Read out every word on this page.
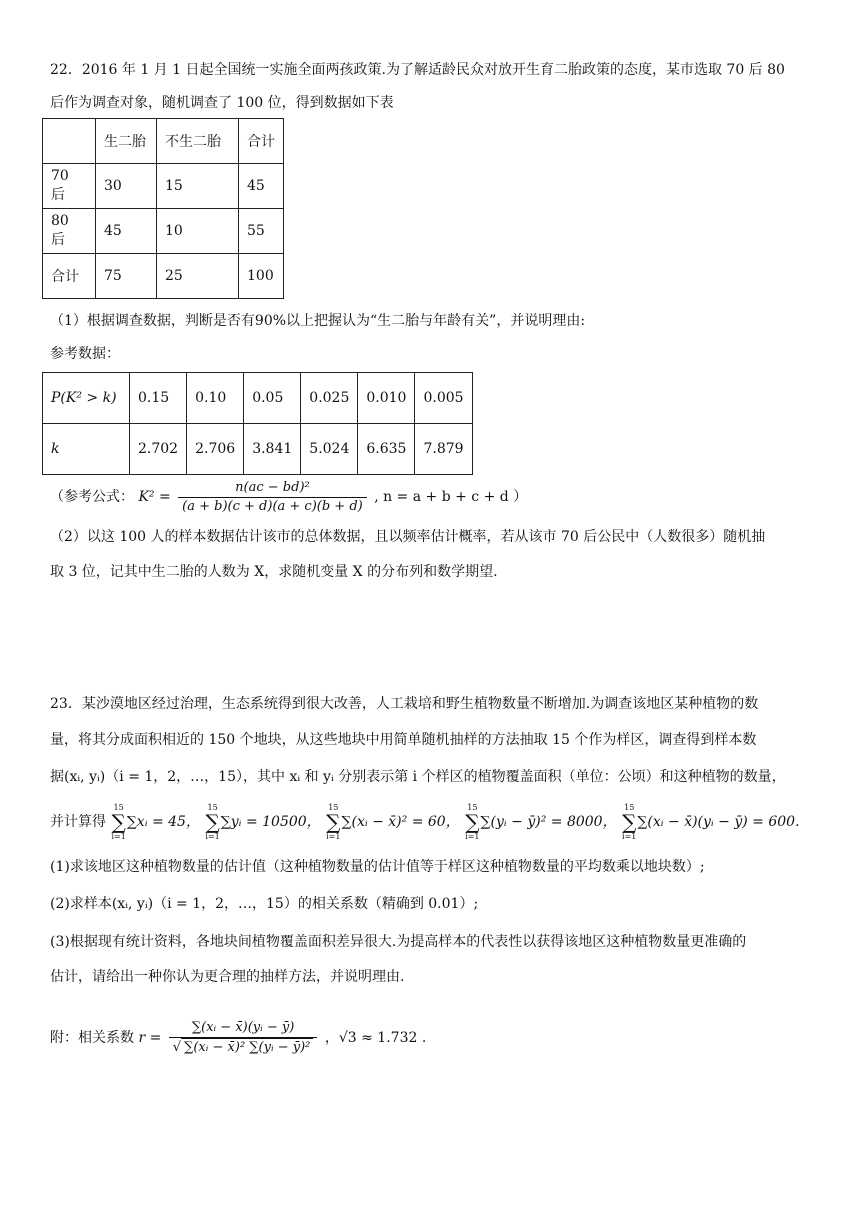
22．2016 年 1 月 1 日起全国统一实施全面两孩政策.为了解适龄民众对放开生育二胎政策的态度，某市选取 70 后 80
后作为调查对象，随机调查了 100 位，得到数据如下表
	生二胎	不生二胎	合计
70 后	30	15	45
80 后	45	10	55
合计	75	25	100
（1）根据调查数据，判断是否有90%以上把握认为“生二胎与年龄有关”，并说明理由:
参考数据：
P(K² > k)	0.15	0.10	0.05	0.025	0.010	0.005
k	2.702	2.706	3.841	5.024	6.635	7.879
（参考公式： $K^2 = \frac{\text{n(ac − bd)²}}{(a + b)(c + d)(a + c)(b + d)}$ , n = a + b + c + d ）
（2）以这 100 人的样本数据估计该市的总体数据，且以频率估计概率，若从该市 70 后公民中（人数很多）随机抽
取 3 位，记其中生二胎的人数为 X，求随机变量 X 的分布列和数学期望.
23．某沙漠地区经过治理，生态系统得到很大改善，人工栽培和野生植物数量不断增加.为调查该地区某种植物的数
量，将其分成面积相近的 150 个地块，从这些地块中用简单随机抽样的方法抽取 15 个作为样区，调查得到样本数
据(xᵢ, yᵢ)（i = 1，2，…，15），其中 xᵢ 和 yᵢ 分别表示第 i 个样区的植物覆盖面积（单位：公顷）和这种植物的数量，
并计算得
15
∑
i=1
∑xᵢ = 45，
15
∑
i=1
∑yᵢ = 10500，
15
∑
i=1
∑(xᵢ − x̄)² = 60，
15
∑
i=1
∑(yᵢ − ȳ)² = 8000，
15
∑
i=1
∑(xᵢ − x̄)(yᵢ − ȳ) = 600.
(1)求该地区这种植物数量的估计值（这种植物数量的估计值等于样区这种植物数量的平均数乘以地块数）;
(2)求样本(xᵢ, yᵢ)（i = 1，2，…，15）的相关系数（精确到 0.01）;
(3)根据现有统计资料，各地块间植物覆盖面积差异很大.为提高样本的代表性以获得该地区这种植物数量更准确的
估计，请给出一种你认为更合理的抽样方法，并说明理由.
附：相关系数 $r = \frac{\text{∑(xᵢ − x̄)(yᵢ − ȳ)}}{\text{√ ∑(xᵢ − x̄)² ∑(yᵢ − ȳ)²}}$ ，√3 ≈ 1.732 .
